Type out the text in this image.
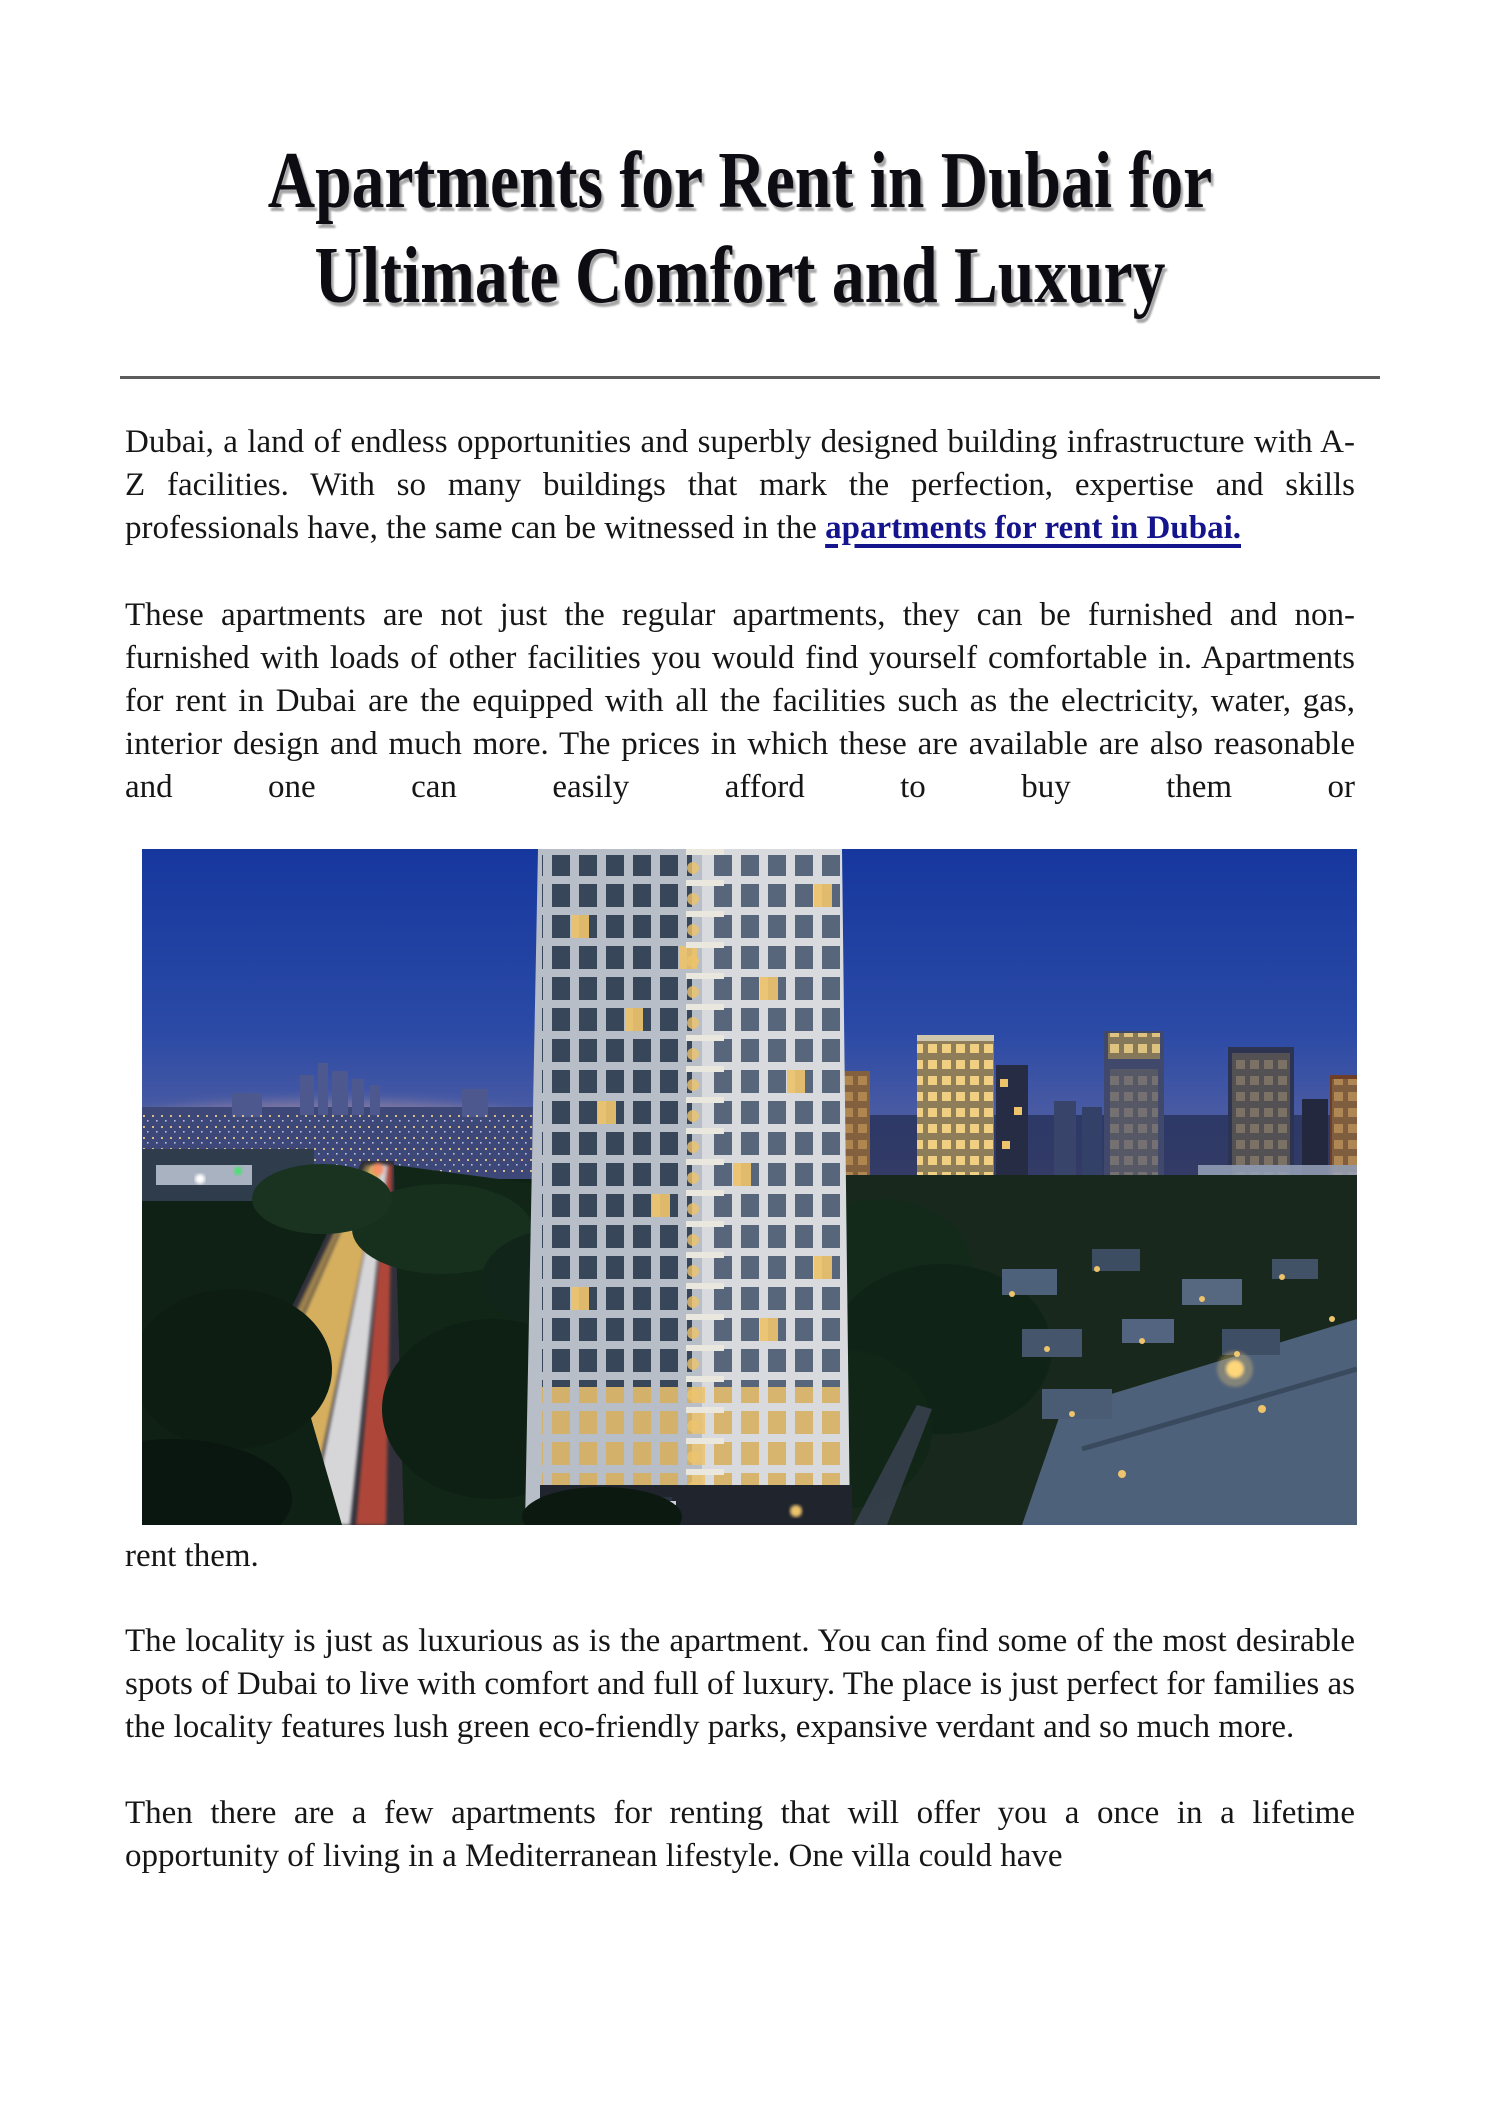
Apartments for Rent in Dubai for
Ultimate Comfort and Luxury

Dubai, a land of endless opportunities and superbly designed building infrastructure with A-Z facilities. With so many buildings that mark the perfection, expertise and skills professionals have, the same can be witnessed in the apartments for rent in Dubai.

These apartments are not just the regular apartments, they can be furnished and non-furnished with loads of other facilities you would find yourself comfortable in. Apartments for rent in Dubai are the equipped with all the facilities such as the electricity, water, gas, interior design and much more. The prices in which these are available are also reasonable and one can easily afford to buy them or

rent them.

The locality is just as luxurious as is the apartment. You can find some of the most desirable spots of Dubai to live with comfort and full of luxury. The place is just perfect for families as the locality features lush green eco-friendly parks, expansive verdant and so much more.

Then there are a few apartments for renting that will offer you a once in a lifetime opportunity of living in a Mediterranean lifestyle. One villa could have
